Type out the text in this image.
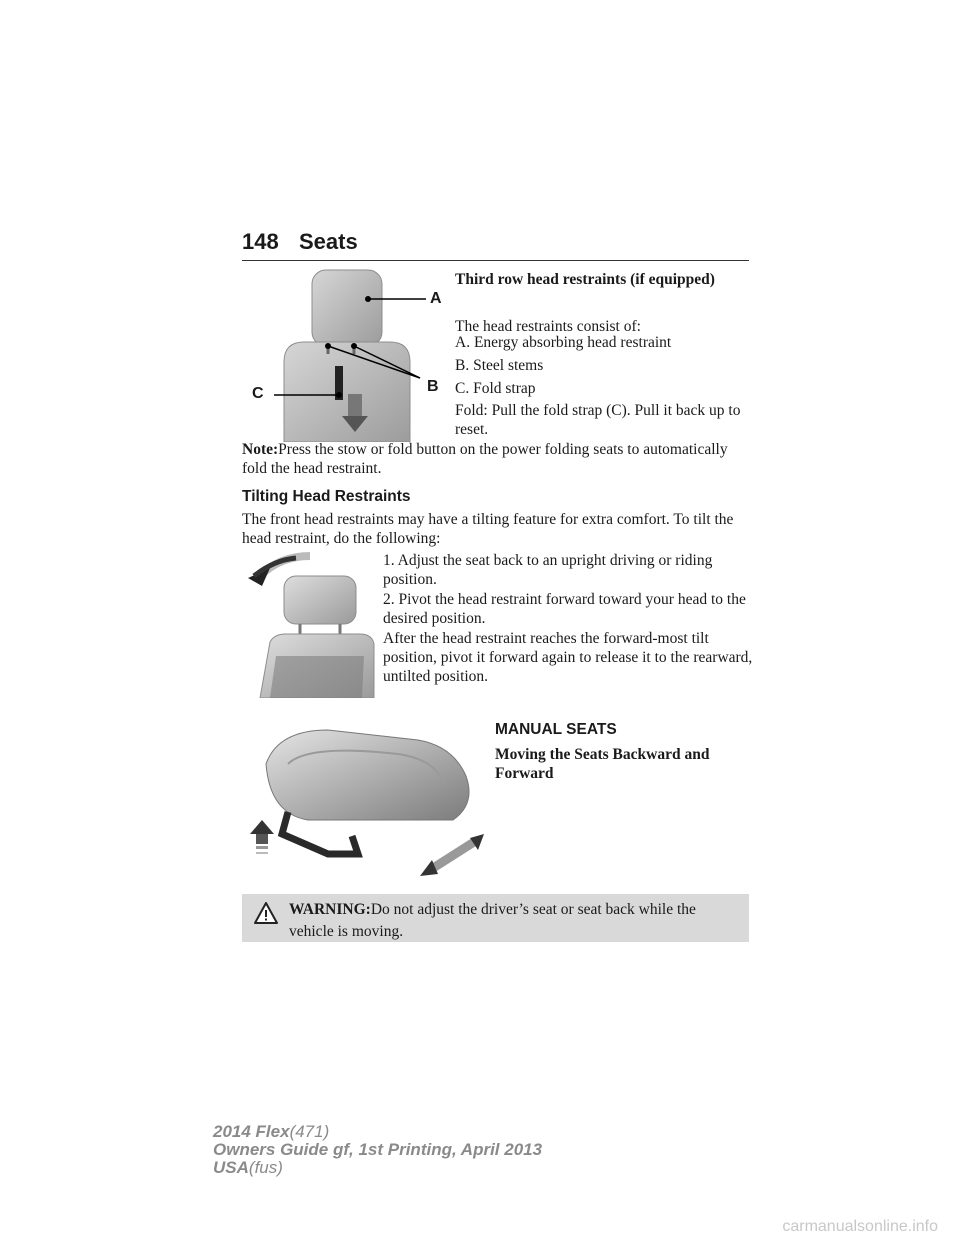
148 Seats
A
B
C
Third row head restraints (if equipped)
The head restraints consist of:
A. Energy absorbing head restraint
B. Steel stems
C. Fold strap
Fold: Pull the fold strap (C). Pull it back up to reset.
Note:Press the stow or fold button on the power folding seats to automatically fold the head restraint.
Tilting Head Restraints
The front head restraints may have a tilting feature for extra comfort. To tilt the head restraint, do the following:
1. Adjust the seat back to an upright driving or riding position.
2. Pivot the head restraint forward toward your head to the desired position.
After the head restraint reaches the forward-most tilt position, pivot it forward again to release it to the rearward, untilted position.
MANUAL SEATS
Moving the Seats Backward and Forward
WARNING:Do not adjust the driver’s seat or seat back while the vehicle is moving.
2014 Flex(471)
Owners Guide gf, 1st Printing, April 2013
USA(fus)
carmanualsonline.info
